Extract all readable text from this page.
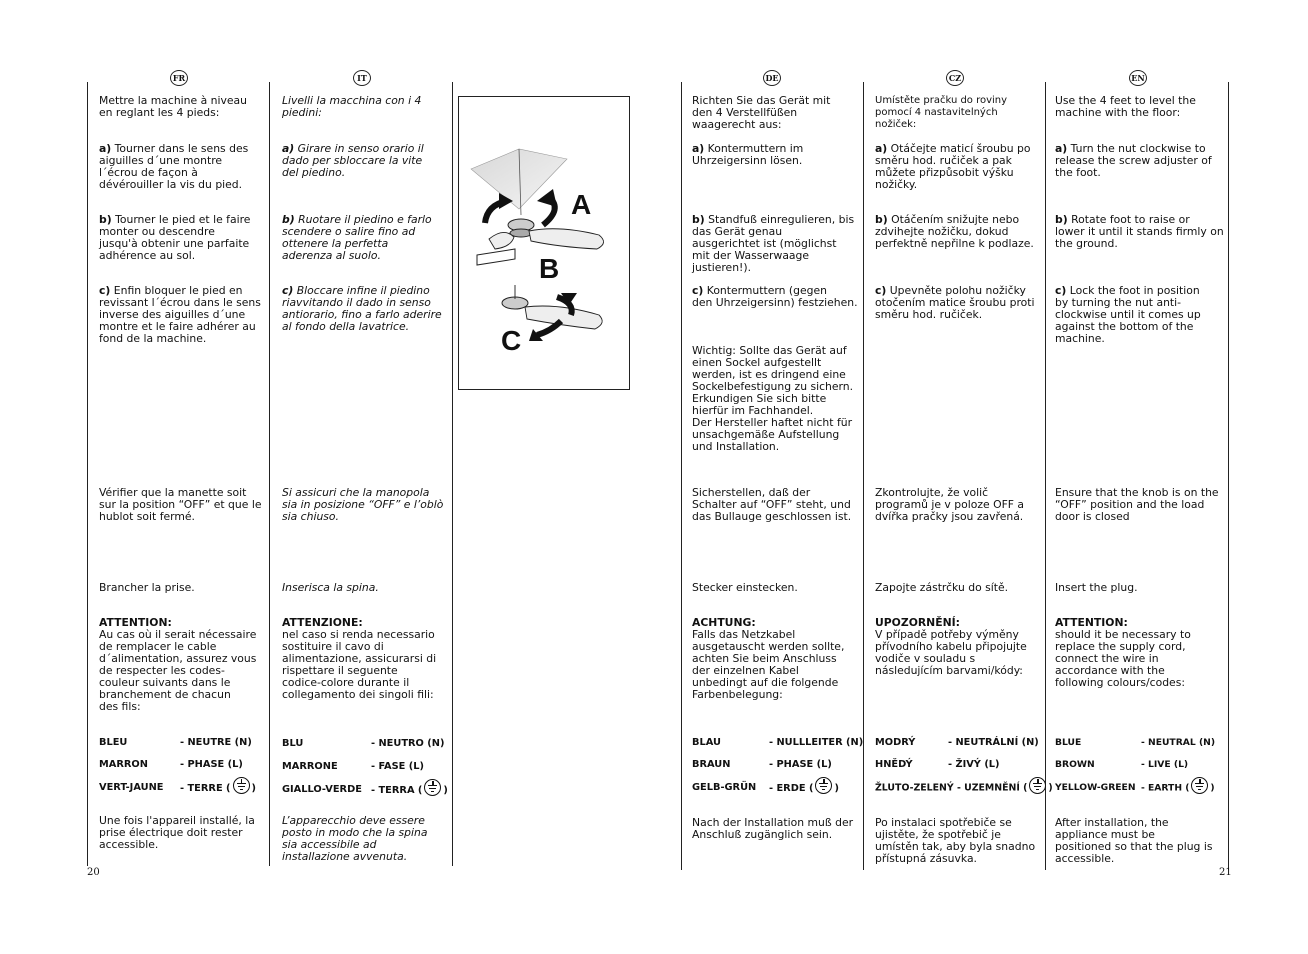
FR	IT	DE	CZ	EN
A
B
C
20	21
Mettre la machine à niveau
en reglant les 4 pieds:
a) Tourner dans le sens des
aiguilles d´une montre
l´écrou de façon à
dévérouiller la vis du pied.
b) Tourner le pied et le faire
monter ou descendre
jusqu'à obtenir une parfaite
adhérence au sol.
c) Enfin bloquer le pied en
revissant l´écrou dans le sens
inverse des aiguilles d´une
montre et le faire adhérer au
fond de la machine.
Vérifier que la manette soit
sur la position “OFF” et que le
hublot soit fermé.
Brancher la prise.
ATTENTION:
Au cas où il serait nécessaire
de remplacer le cable
d´alimentation, assurez vous
de respecter les codes-
couleur suivants dans le
branchement de chacun
des fils:
BLEU	- NEUTRE (N)
MARRON	- PHASE (L)
VERT-JAUNE - TERRE ( )
Une fois l'appareil installé, la
prise électrique doit rester
accessible.
Livelli la macchina con i 4
piedini:
a) Girare in senso orario il
dado per sbloccare la vite
del piedino.
b) Ruotare il piedino e farlo
scendere o salire fino ad
ottenere la perfetta
aderenza al suolo.
c) Bloccare infine il piedino
riavvitando il dado in senso
antiorario, fino a farlo aderire
al fondo della lavatrice.
Si assicuri che la manopola
sia in posizione “OFF” e l’oblò
sia chiuso.
Inserisca la spina.
ATTENZIONE:
nel caso si renda necessario
sostituire il cavo di
alimentazione, assicurarsi di
rispettare il seguente
codice-colore durante il
collegamento dei singoli fili:
BLU	- NEUTRO (N)
MARRONE	- FASE (L)
GIALLO-VERDE - TERRA ( )
L’apparecchio deve essere
posto in modo che la spina
sia accessibile ad
installazione avvenuta.
Richten Sie das Gerät mit
den 4 Verstellfüßen
waagerecht aus:
a) Kontermuttern im
Uhrzeigersinn lösen.
b) Standfuß einregulieren, bis
das Gerät genau
ausgerichtet ist (möglichst
mit der Wasserwaage
justieren!).
c) Kontermuttern (gegen
den Uhrzeigersinn) festziehen.
Wichtig: Sollte das Gerät auf
einen Sockel aufgestellt
werden, ist es dringend eine
Sockelbefestigung zu sichern.
Erkundigen Sie sich bitte
hierfür im Fachhandel.
Der Hersteller haftet nicht für
unsachgemäße Aufstellung
und Installation.
Sicherstellen, daß der
Schalter auf “OFF” steht, und
das Bullauge geschlossen ist.
Stecker einstecken.
ACHTUNG:
Falls das Netzkabel
ausgetauscht werden sollte,
achten Sie beim Anschluss
der einzelnen Kabel
unbedingt auf die folgende
Farbenbelegung:
BLAU	- NULLLEITER (N)
BRAUN	- PHASE (L)
GELB-GRÜN - ERDE ( )
Nach der Installation muß der
Anschluß zugänglich sein.
Umístěte pračku do roviny
pomocí 4 nastavitelných
nožiček:
a) Otáčejte maticí šroubu po
směru hod. ručiček a pak
můžete přizpůsobit výšku
nožičky.
b) Otáčením snižujte nebo
zdvihejte nožičku, dokud
perfektně nepřilne k podlaze.
c) Upevněte polohu nožičky
otočením matice šroubu proti
směru hod. ručiček.
Zkontrolujte, že volič
programů je v poloze OFF a
dvířka pračky jsou zavřená.
Zapojte zástrčku do sítě.
UPOZORNĚNÍ:
V případě potřeby výměny
přívodního kabelu připojujte
vodiče v souladu s
následujícím barvami/kódy:
MODRÝ	- NEUTRÁLNÍ (N)
HNĚDÝ	- ŽIVÝ (L)
ŽLUTO-ZELENÝ - UZEMNĚNÍ ( )
Po instalaci spotřebiče se
ujistěte, že spotřebič je
umístěn tak, aby byla snadno
přístupná zásuvka.
Use the 4 feet to level the
machine with the floor:
a) Turn the nut clockwise to
release the screw adjuster of
the foot.
b) Rotate foot to raise or
lower it until it stands firmly on
the ground.
c) Lock the foot in position
by turning the nut anti-
clockwise until it comes up
against the bottom of the
machine.
Ensure that the knob is on the
“OFF” position and the load
door is closed
Insert the plug.
ATTENTION:
should it be necessary to
replace the supply cord,
connect the wire in
accordance with the
following colours/codes:
BLUE	- NEUTRAL (N)
BROWN	- LIVE (L)
YELLOW-GREEN - EARTH ( )
After installation, the
appliance must be
positioned so that the plug is
accessible.
